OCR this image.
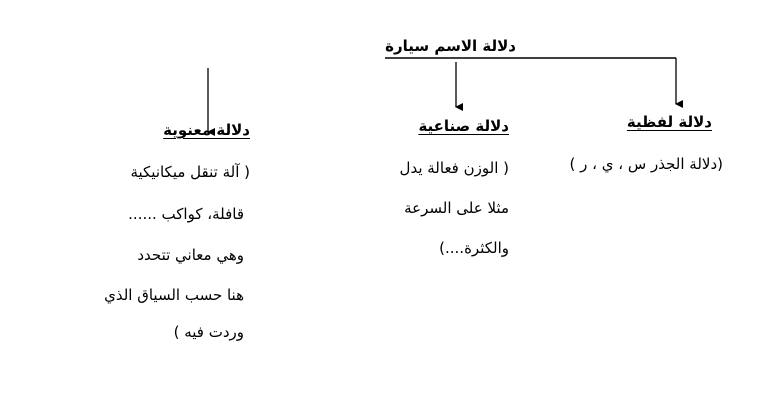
دلالة الاسم سيارة
دلالة لفظية
(دلالة الجذر س ، ي ، ر )
دلالة صناعية
( الوزن فعالة يدل
مثلا على السرعة
والكثرة....)
دلالة معنوية
( آلة تنقل ميكانيكية
قافلة، كواكب ......
وهي معاني تتحدد
هنا حسب السياق الذي
وردت فيه )
